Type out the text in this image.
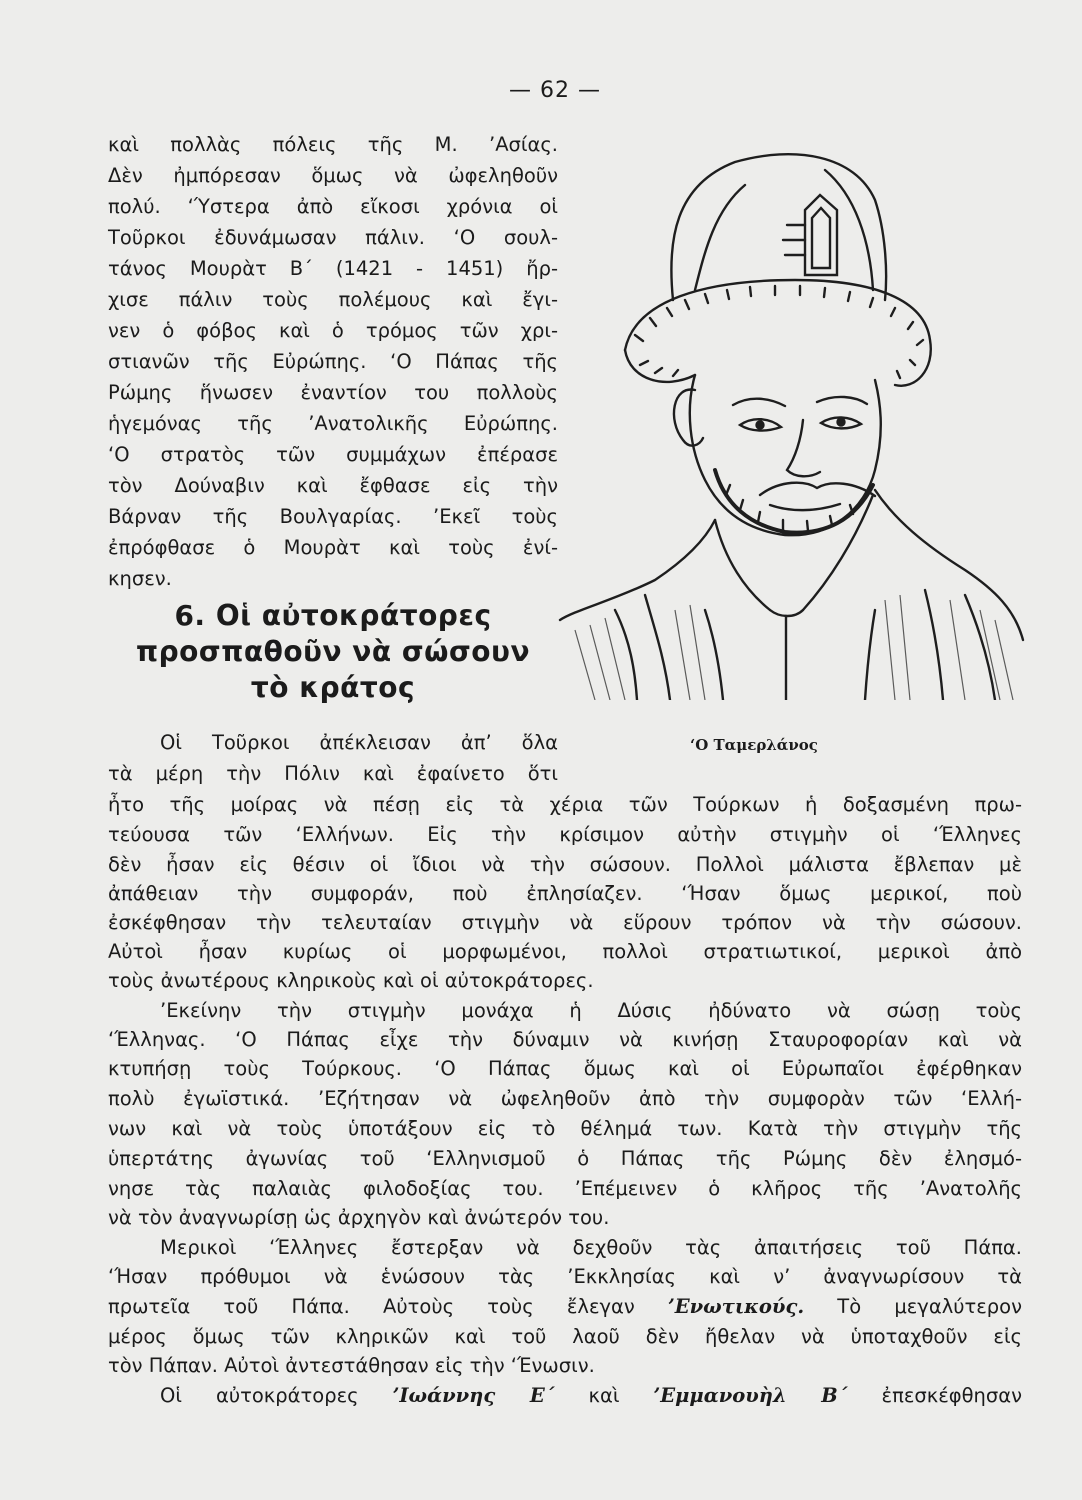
— 62 —
καὶ πολλὰς πόλεις τῆς Μ. ’Ασίας.
Δὲν ἠμπόρεσαν ὅμως νὰ ὠφεληθοῦν
πολύ. ‘Ύστερα ἀπὸ εἴκοσι χρόνια οἱ
Τοῦρκοι ἐδυνάμωσαν πάλιν. ‘Ο σουλ-
τάνος Μουρὰτ Β΄ (1421 - 1451) ἤρ-
χισε πάλιν τοὺς πολέμους καὶ ἔγι-
νεν ὁ φόβος καὶ ὁ τρόμος τῶν χρι-
στιανῶν τῆς Εὐρώπης. ‘Ο Πάπας τῆς
Ρώμης ἥνωσεν ἐναντίον του πολλοὺς
ἡγεμόνας τῆς ’Ανατολικῆς Εὐρώπης.
‘Ο στρατὸς τῶν συμμάχων ἐπέρασε
τὸν Δούναβιν καὶ ἔφθασε εἰς τὴν
Βάρναν τῆς Βουλγαρίας. ’Εκεῖ τοὺς
ἐπρόφθασε ὁ Μουρὰτ καὶ τοὺς ἐνί-
κησεν.
6. Οἱ αὐτοκράτορες
προσπαθοῦν νὰ σώσουν
τὸ κράτος
Οἱ Τοῦρκοι ἀπέκλεισαν ἀπ’ ὅλα
τὰ μέρη τὴν Πόλιν καὶ ἐφαίνετο ὅτι
‘Ο Ταμερλάνος
ἦτο τῆς μοίρας νὰ πέσῃ εἰς τὰ χέρια τῶν Τούρκων ἡ δοξασμένη πρω-
τεύουσα τῶν ‘Ελλήνων. Εἰς τὴν κρίσιμον αὐτὴν στιγμὴν οἱ ‘Έλληνες
δὲν ἦσαν εἰς θέσιν οἱ ἴδιοι νὰ τὴν σώσουν. Πολλοὶ μάλιστα ἔβλεπαν μὲ
ἀπάθειαν τὴν συμφοράν, ποὺ ἐπλησίαζεν. ‘Ήσαν ὅμως μερικοί, ποὺ
ἐσκέφθησαν τὴν τελευταίαν στιγμὴν νὰ εὕρουν τρόπον νὰ τὴν σώσουν.
Αὐτοὶ ἦσαν κυρίως οἱ μορφωμένοι, πολλοὶ στρατιωτικοί, μερικοὶ ἀπὸ
τοὺς ἀνωτέρους κληρικοὺς καὶ οἱ αὐτοκράτορες.
’Εκείνην τὴν στιγμὴν μονάχα ἡ Δύσις ἠδύνατο νὰ σώσῃ τοὺς
‘Έλληνας. ‘Ο Πάπας εἶχε τὴν δύναμιν νὰ κινήσῃ Σταυροφορίαν καὶ νὰ
κτυπήσῃ τοὺς Τούρκους. ‘Ο Πάπας ὅμως καὶ οἱ Εὐρωπαῖοι ἐφέρθηκαν
πολὺ ἐγωϊστικά. ’Εζήτησαν νὰ ὠφεληθοῦν ἀπὸ τὴν συμφορὰν τῶν ‘Ελλή-
νων καὶ νὰ τοὺς ὑποτάξουν εἰς τὸ θέλημά των. Κατὰ τὴν στιγμὴν τῆς
ὑπερτάτης ἀγωνίας τοῦ ‘Ελληνισμοῦ ὁ Πάπας τῆς Ρώμης δὲν ἐλησμό-
νησε τὰς παλαιὰς φιλοδοξίας του. ’Επέμεινεν ὁ κλῆρος τῆς ’Ανατολῆς
νὰ τὸν ἀναγνωρίσῃ ὡς ἀρχηγὸν καὶ ἀνώτερόν του.
Μερικοὶ ‘Έλληνες ἔστερξαν νὰ δεχθοῦν τὰς ἀπαιτήσεις τοῦ Πάπα.
‘Ήσαν πρόθυμοι νὰ ἑνώσουν τὰς ’Εκκλησίας καὶ ν’ ἀναγνωρίσουν τὰ
πρωτεῖα τοῦ Πάπα. Αὐτοὺς τοὺς ἔλεγαν ’Ενωτικούς. Τὸ μεγαλύτερον
μέρος ὅμως τῶν κληρικῶν καὶ τοῦ λαοῦ δὲν ἤθελαν νὰ ὑποταχθοῦν εἰς
τὸν Πάπαν. Αὐτοὶ ἀντεστάθησαν εἰς τὴν ‘Ένωσιν.
Οἱ αὐτοκράτορες ’Ιωάννης Ε΄ καὶ ’Εμμανουὴλ Β΄ ἐπεσκέφθησαν
